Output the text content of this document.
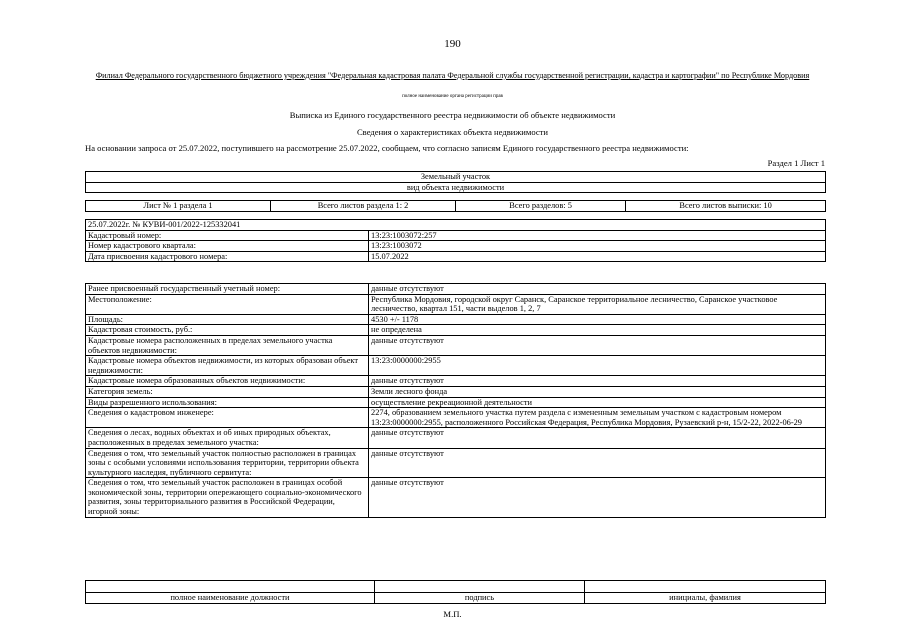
190
Филиал Федерального государственного бюджетного учреждения "Федеральная кадастровая палата Федеральной службы государственной регистрации, кадастра и картографии" по Республике Мордовия
полное наименование органа регистрации прав
Выписка из Единого государственного реестра недвижимости об объекте недвижимости
Сведения о характеристиках объекта недвижимости
На основании запроса от 25.07.2022, поступившего на рассмотрение 25.07.2022, сообщаем, что согласно записям Единого государственного реестра недвижимости:
Раздел 1 Лист 1
Земельный участок
вид объекта недвижимости
Лист № 1 раздела 1	Всего листов раздела 1: 2	Всего разделов: 5	Всего листов выписки: 10
25.07.2022г. № КУВИ-001/2022-125332041	
Кадастровый номер:	13:23:1003072:257
Номер кадастрового квартала:	13:23:1003072
Дата присвоения кадастрового номера:	15.07.2022
Ранее присвоенный государственный учетный номер:	данные отсутствуют
Местоположение:	Республика Мордовия, городской округ Саранск, Саранское территориальное лесничество, Саранское участковое лесничество, квартал 151, части выделов 1, 2, 7
Площадь:	4530 +/- 1178
Кадастровая стоимость, руб.:	не определена
Кадастровые номера расположенных в пределах земельного участка объектов недвижимости:	данные отсутствуют
Кадастровые номера объектов недвижимости, из которых образован объект недвижимости:	13:23:0000000:2955
Кадастровые номера образованных объектов недвижимости:	данные отсутствуют
Категория земель:	Земли лесного фонда
Виды разрешенного использования:	осуществление рекреационной деятельности
Сведения о кадастровом инженере:	2274, образованием земельного участка путем раздела с измененным земельным участком с кадастровым номером 13:23:0000000:2955, расположенного Российская Федерация, Республика Мордовия, Рузаевский р-н, 15/2-22, 2022-06-29
Сведения о лесах, водных объектах и об иных природных объектах, расположенных в пределах земельного участка:	данные отсутствуют
Сведения о том, что земельный участок полностью расположен в границах зоны с особыми условиями использования территории, территории объекта культурного наследия, публичного сервитута:	данные отсутствуют
Сведения о том, что земельный участок расположен в границах особой экономической зоны, территории опережающего социально-экономического развития, зоны территориального развития в Российской Федерации, игорной зоны:	данные отсутствуют

полное наименование должности	подпись	инициалы, фамилия
М.П.
